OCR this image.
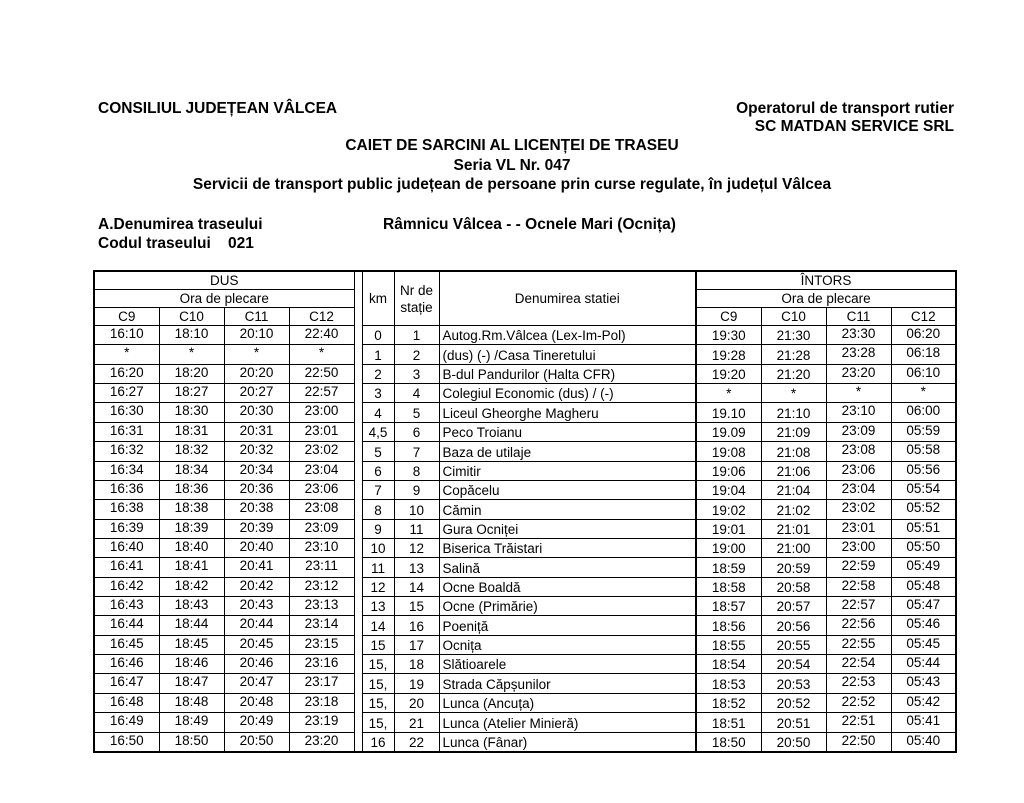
CONSILIUL JUDEȚEAN VÂLCEA	Operatorul de transport rutier
SC MATDAN SERVICE SRL
CAIET DE SARCINI AL LICENȚEI DE TRASEU
Seria VL Nr. 047
Servicii de transport public județean de persoane prin curse regulate, în județul Vâlcea
A.Denumirea traseului	Râmnicu Vâlcea - - Ocnele Mari (Ocnița)
Codul traseului    021
DUS					km	Nr de stație	Denumirea statiei	ÎNTORS			
Ora de plecare								Ora de plecare			
C9	C10	C11	C12					C9	C10	C11	C12
16:10	18:10	20:10	22:40		0	1	Autog.Rm.Vâlcea (Lex-Im-Pol)	19:30	21:30	23:30	06:20
*	*	*	*		1	2	(dus) (-) /Casa Tineretului	19:28	21:28	23:28	06:18
16:20	18:20	20:20	22:50		2	3	B-dul Pandurilor (Halta CFR)	19:20	21:20	23:20	06:10
16:27	18:27	20:27	22:57		3	4	Colegiul Economic (dus) / (-)	*	*	*	*
16:30	18:30	20:30	23:00		4	5	Liceul Gheorghe Magheru	19.10	21:10	23:10	06:00
16:31	18:31	20:31	23:01		4,5	6	Peco Troianu	19.09	21:09	23:09	05:59
16:32	18:32	20:32	23:02		5	7	Baza de utilaje	19:08	21:08	23:08	05:58
16:34	18:34	20:34	23:04		6	8	Cimitir	19:06	21:06	23:06	05:56
16:36	18:36	20:36	23:06		7	9	Copăcelu	19:04	21:04	23:04	05:54
16:38	18:38	20:38	23:08		8	10	Cămin	19:02	21:02	23:02	05:52
16:39	18:39	20:39	23:09		9	11	Gura Ocniței	19:01	21:01	23:01	05:51
16:40	18:40	20:40	23:10		10	12	Biserica Trăistari	19:00	21:00	23:00	05:50
16:41	18:41	20:41	23:11		11	13	Salină	18:59	20:59	22:59	05:49
16:42	18:42	20:42	23:12		12	14	Ocne Boaldă	18:58	20:58	22:58	05:48
16:43	18:43	20:43	23:13		13	15	Ocne (Primărie)	18:57	20:57	22:57	05:47
16:44	18:44	20:44	23:14		14	16	Poeniță	18:56	20:56	22:56	05:46
16:45	18:45	20:45	23:15		15	17	Ocnița	18:55	20:55	22:55	05:45
16:46	18:46	20:46	23:16		15,	18	Slătioarele	18:54	20:54	22:54	05:44
16:47	18:47	20:47	23:17		15,	19	Strada Căpșunilor	18:53	20:53	22:53	05:43
16:48	18:48	20:48	23:18		15,	20	Lunca (Ancuța)	18:52	20:52	22:52	05:42
16:49	18:49	20:49	23:19		15,	21	Lunca (Atelier Minieră)	18:51	20:51	22:51	05:41
16:50	18:50	20:50	23:20		16	22	Lunca (Fânar)	18:50	20:50	22:50	05:40
